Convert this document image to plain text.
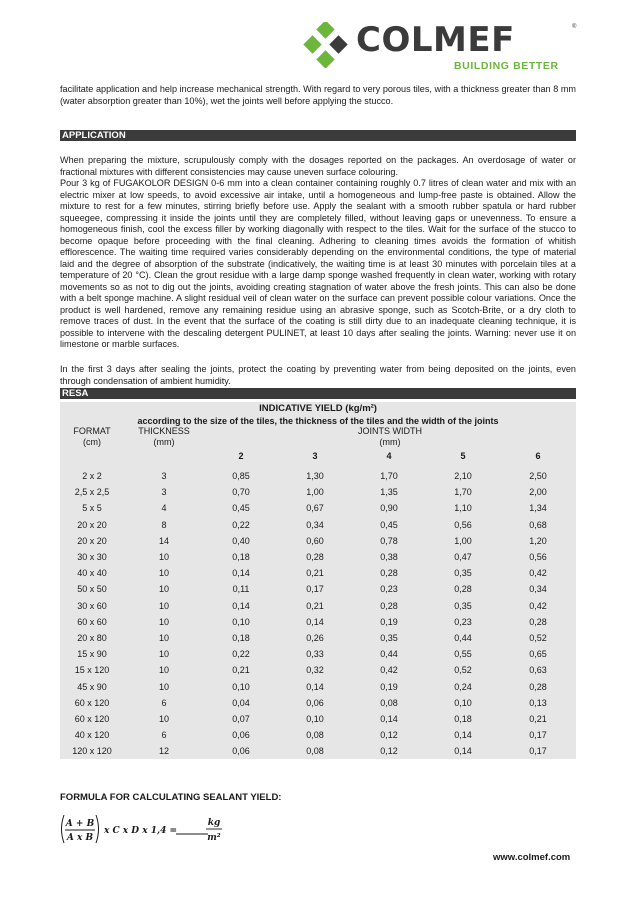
COLMEF	®
BUILDING BETTER

facilitate application and help increase mechanical strength. With regard to very porous tiles, with a thickness greater than 8 mm (water absorption greater than 10%), wet the joints well before applying the stucco.

APPLICATION

When preparing the mixture, scrupulously comply with the dosages reported on the packages. An overdosage of water or fractional mixtures with different consistencies may cause uneven surface colouring.

Pour 3 kg of FUGAKOLOR DESIGN 0-6 mm into a clean container containing roughly 0.7 litres of clean water and mix with an electric mixer at low speeds, to avoid excessive air intake, until a homogeneous and lump-free paste is obtained. Allow the mixture to rest for a few minutes, stirring briefly before use. Apply the sealant with a smooth rubber spatula or hard rubber squeegee, compressing it inside the joints until they are completely filled, without leaving gaps or unevenness. To ensure a homogeneous finish, cool the excess filler by working diagonally with respect to the tiles. Wait for the surface of the stucco to become opaque before proceeding with the final cleaning. Adhering to cleaning times avoids the formation of whitish efflorescence. The waiting time required varies considerably depending on the environmental conditions, the type of material laid and the degree of absorption of the substrate (indicatively, the waiting time is at least 30 minutes with porcelain tiles at a temperature of 20 °C). Clean the grout residue with a large damp sponge washed frequently in clean water, working with rotary movements so as not to dig out the joints, avoiding creating stagnation of water above the fresh joints. This can also be done with a belt sponge machine. A slight residual veil of clean water on the surface can prevent possible colour variations. Once the product is well hardened, remove any remaining residue using an abrasive sponge, such as Scotch-Brite, or a dry cloth to remove traces of dust. In the event that the surface of the coating is still dirty due to an inadequate cleaning technique, it is possible to intervene with the descaling detergent PULINET, at least 10 days after sealing the joints. Warning: never use it on limestone or marble surfaces.

In the first 3 days after sealing the joints, protect the coating by preventing water from being deposited on the joints, even through condensation of ambient humidity.

RESA
INDICATIVE YIELD (kg/m²)						
according to the size of the tiles, the thickness of the tiles and the width of the joints						
FORMAT	THICKNESS	JOINTS WIDTH				
(cm)	(mm)	(mm)				
		2	3	4	5	6

2 x 2	3	0,85	1,30	1,70	2,10	2,50
2,5 x 2,5	3	0,70	1,00	1,35	1,70	2,00
5 x 5	4	0,45	0,67	0,90	1,10	1,34
20 x 20	8	0,22	0,34	0,45	0,56	0,68
20 x 20	14	0,40	0,60	0,78	1,00	1,20
30 x 30	10	0,18	0,28	0,38	0,47	0,56
40 x 40	10	0,14	0,21	0,28	0,35	0,42
50 x 50	10	0,11	0,17	0,23	0,28	0,34
30 x 60	10	0,14	0,21	0,28	0,35	0,42
60 x 60	10	0,10	0,14	0,19	0,23	0,28
20 x 80	10	0,18	0,26	0,35	0,44	0,52
15 x 90	10	0,22	0,33	0,44	0,55	0,65
15 x 120	10	0,21	0,32	0,42	0,52	0,63
45 x 90	10	0,10	0,14	0,19	0,24	0,28
60 x 120	6	0,04	0,06	0,08	0,10	0,13
60 x 120	10	0,07	0,10	0,14	0,18	0,21
40 x 120	6	0,06	0,08	0,12	0,14	0,17
120 x 120	12	0,06	0,08	0,12	0,14	0,17
FORMULA FOR CALCULATING SEALANT YIELD:
A + B
A x B
x C x D x 1,4 =
kg
m²
www.colmef.com
